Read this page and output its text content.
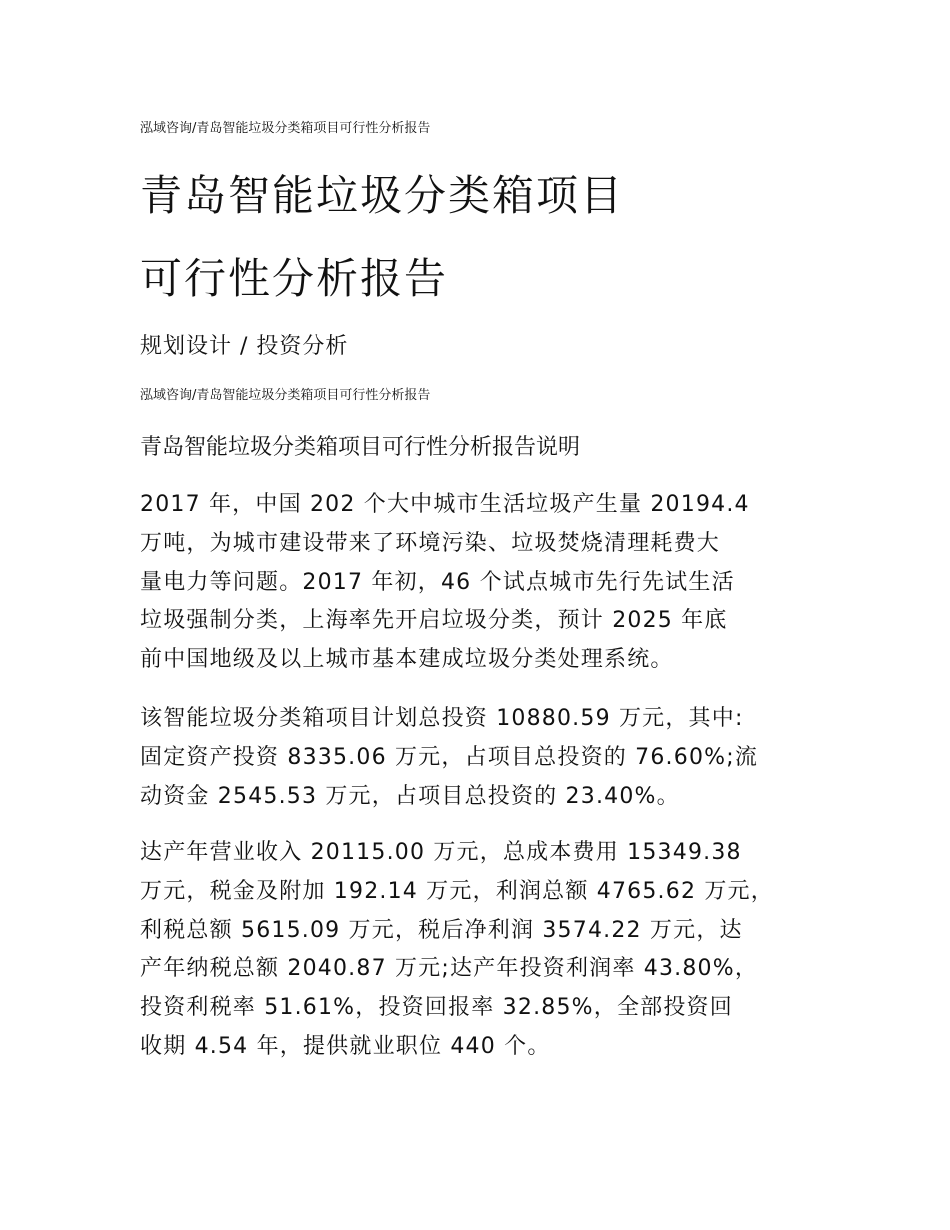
泓域咨询/青岛智能垃圾分类箱项目可行性分析报告
青岛智能垃圾分类箱项目
可行性分析报告
规划设计 / 投资分析
泓域咨询/青岛智能垃圾分类箱项目可行性分析报告
青岛智能垃圾分类箱项目可行性分析报告说明
2017 年，中国 202 个大中城市生活垃圾产生量 20194.4
万吨，为城市建设带来了环境污染、垃圾焚烧清理耗费大
量电力等问题。2017 年初，46 个试点城市先行先试生活
垃圾强制分类，上海率先开启垃圾分类，预计 2025 年底
前中国地级及以上城市基本建成垃圾分类处理系统。
该智能垃圾分类箱项目计划总投资 10880.59 万元，其中:
固定资产投资 8335.06 万元，占项目总投资的 76.60%;流
动资金 2545.53 万元，占项目总投资的 23.40%。
达产年营业收入 20115.00 万元，总成本费用 15349.38
万元，税金及附加 192.14 万元，利润总额 4765.62 万元，
利税总额 5615.09 万元，税后净利润 3574.22 万元，达
产年纳税总额 2040.87 万元;达产年投资利润率 43.80%，
投资利税率 51.61%，投资回报率 32.85%，全部投资回
收期 4.54 年，提供就业职位 440 个。
